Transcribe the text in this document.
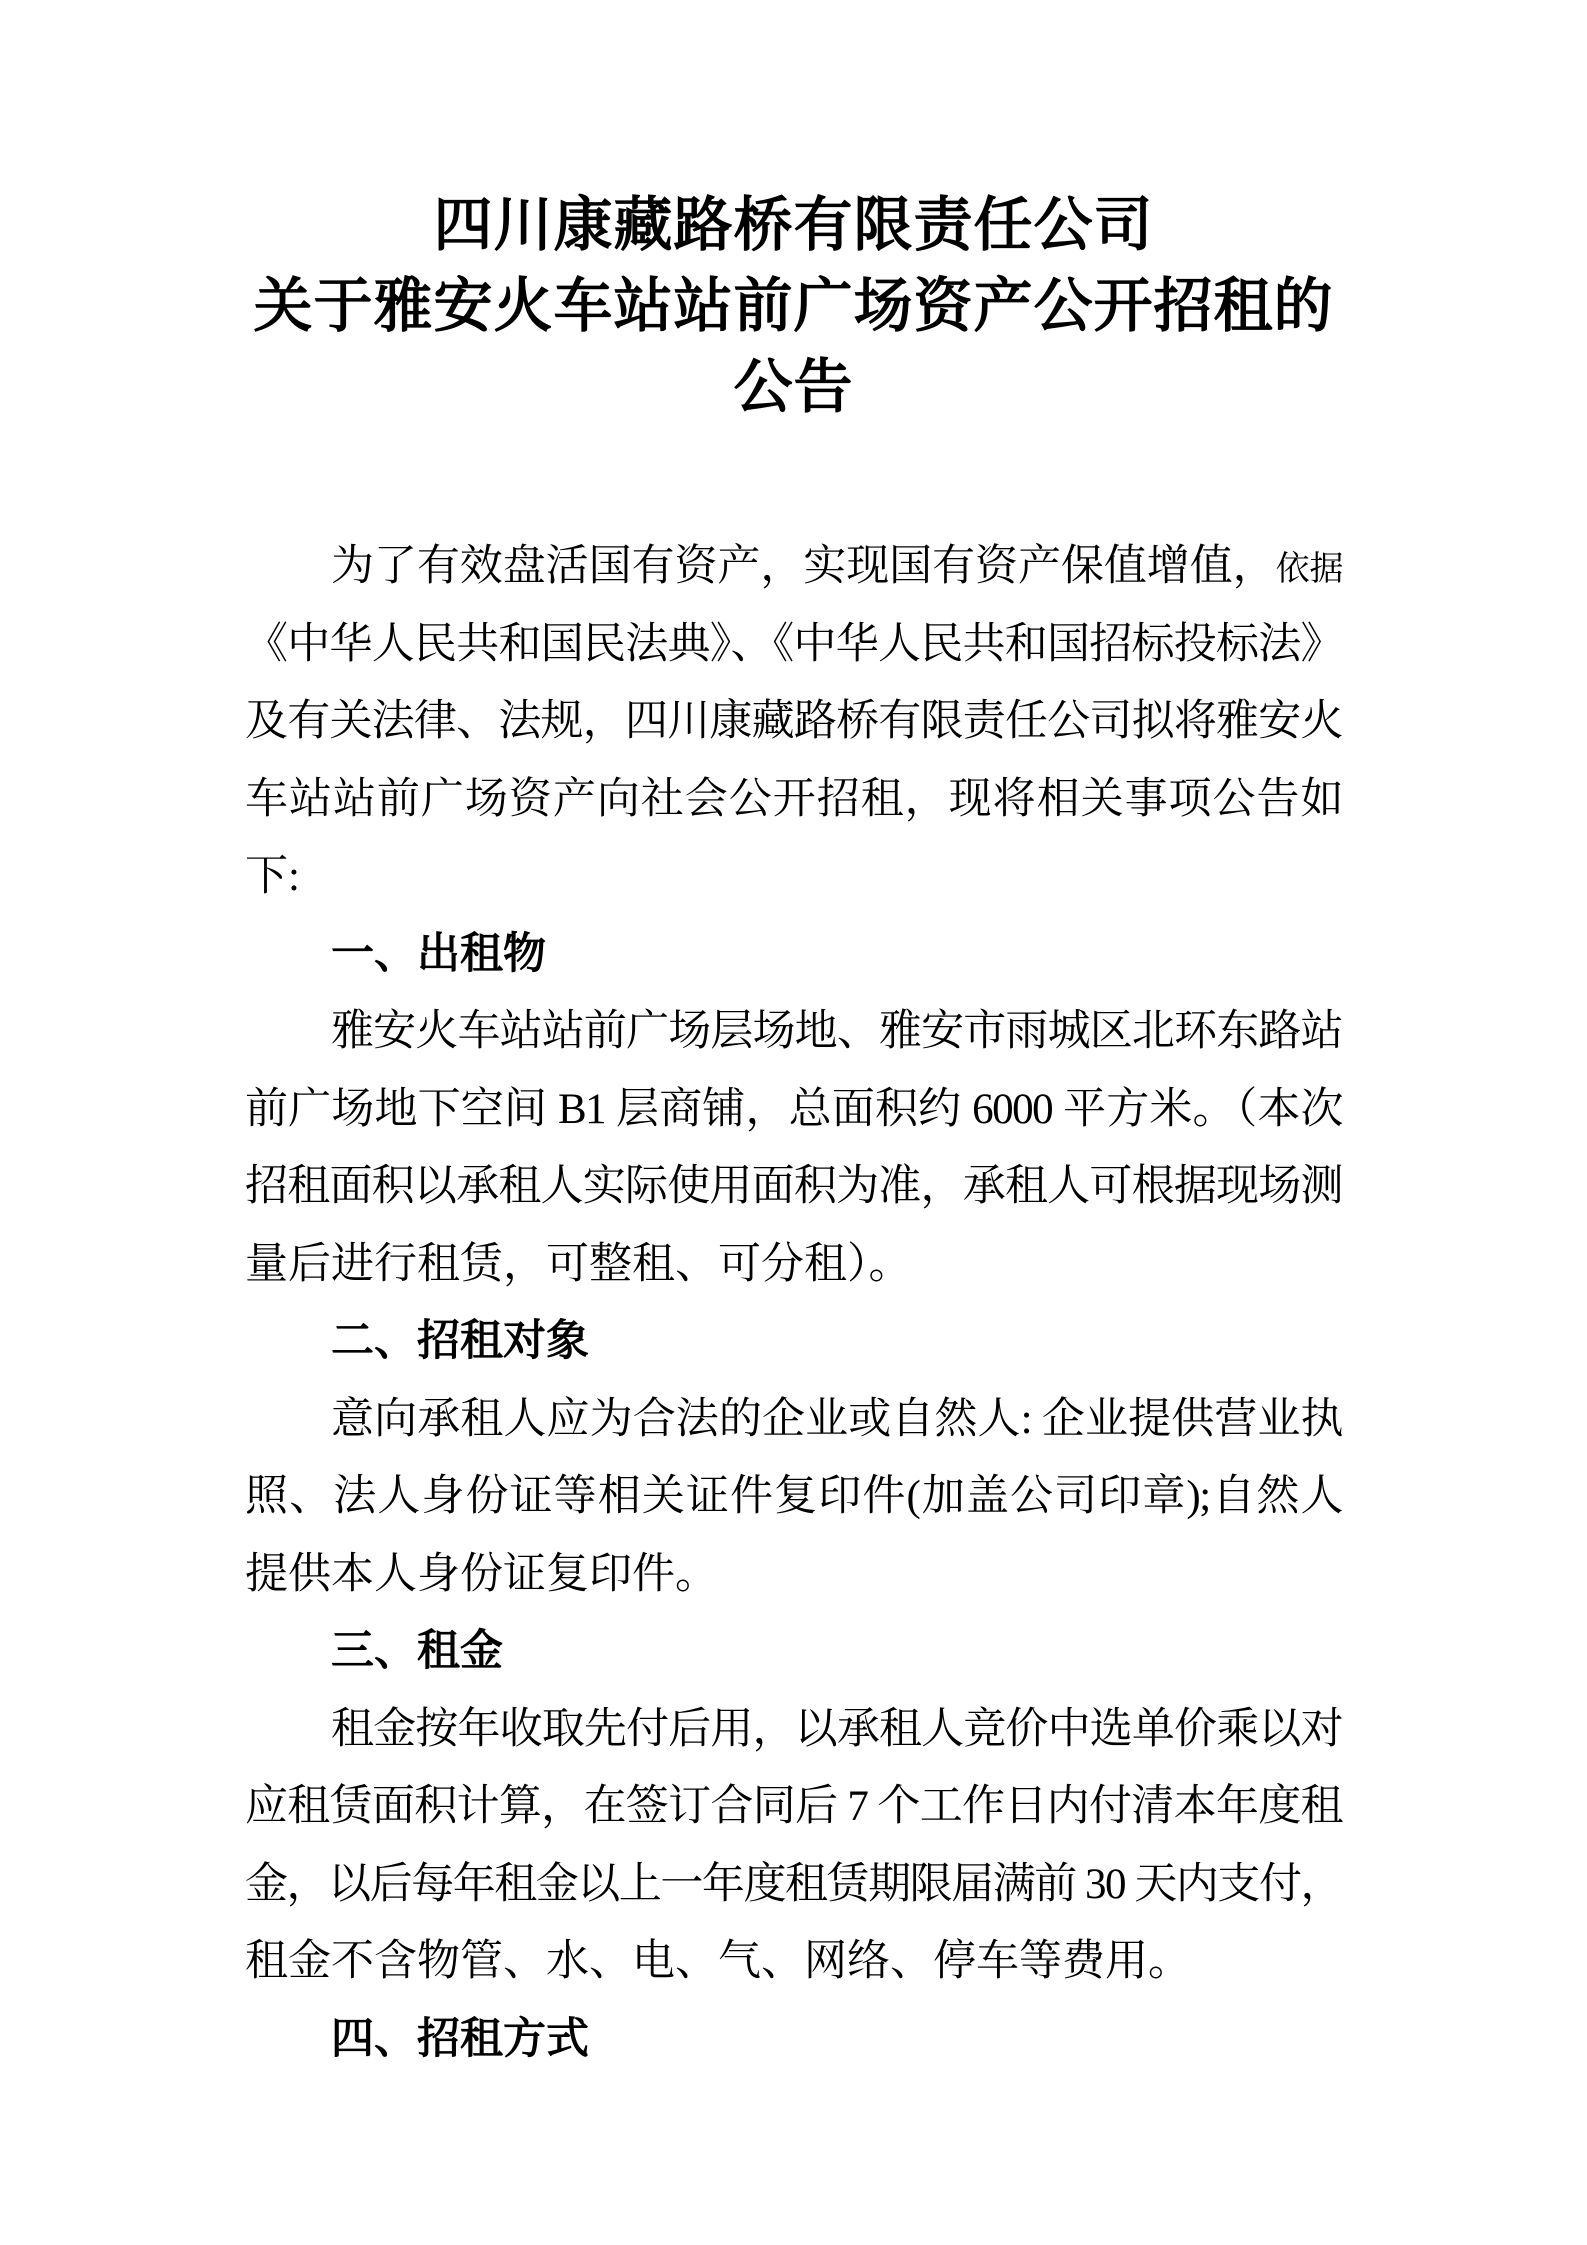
四川康藏路桥有限责任公司
关于雅安火车站站前广场资产公开招租的
公告
为了有效盘活国有资产，实现国有资产保值增值，依据
《中华人民共和国民法典》、《中华人民共和国招标投标法》
及有关法律、法规，四川康藏路桥有限责任公司拟将雅安火
车站站前广场资产向社会公开招租，现将相关事项公告如
下:
一、出租物
雅安火车站站前广场层场地、雅安市雨城区北环东路站
前广场地下空间 B1 层商铺，总面积约 6000 平方米。（本次
招租面积以承租人实际使用面积为准，承租人可根据现场测
量后进行租赁，可整租、可分租）。
二、招租对象
意向承租人应为合法的企业或自然人: 企业提供营业执
照、法人身份证等相关证件复印件(加盖公司印章);自然人
提供本人身份证复印件。
三、租金
租金按年收取先付后用，以承租人竞价中选单价乘以对
应租赁面积计算，在签订合同后 7 个工作日内付清本年度租
金，以后每年租金以上一年度租赁期限届满前 30 天内支付，
租金不含物管、水、电、气、网络、停车等费用。
四、招租方式
